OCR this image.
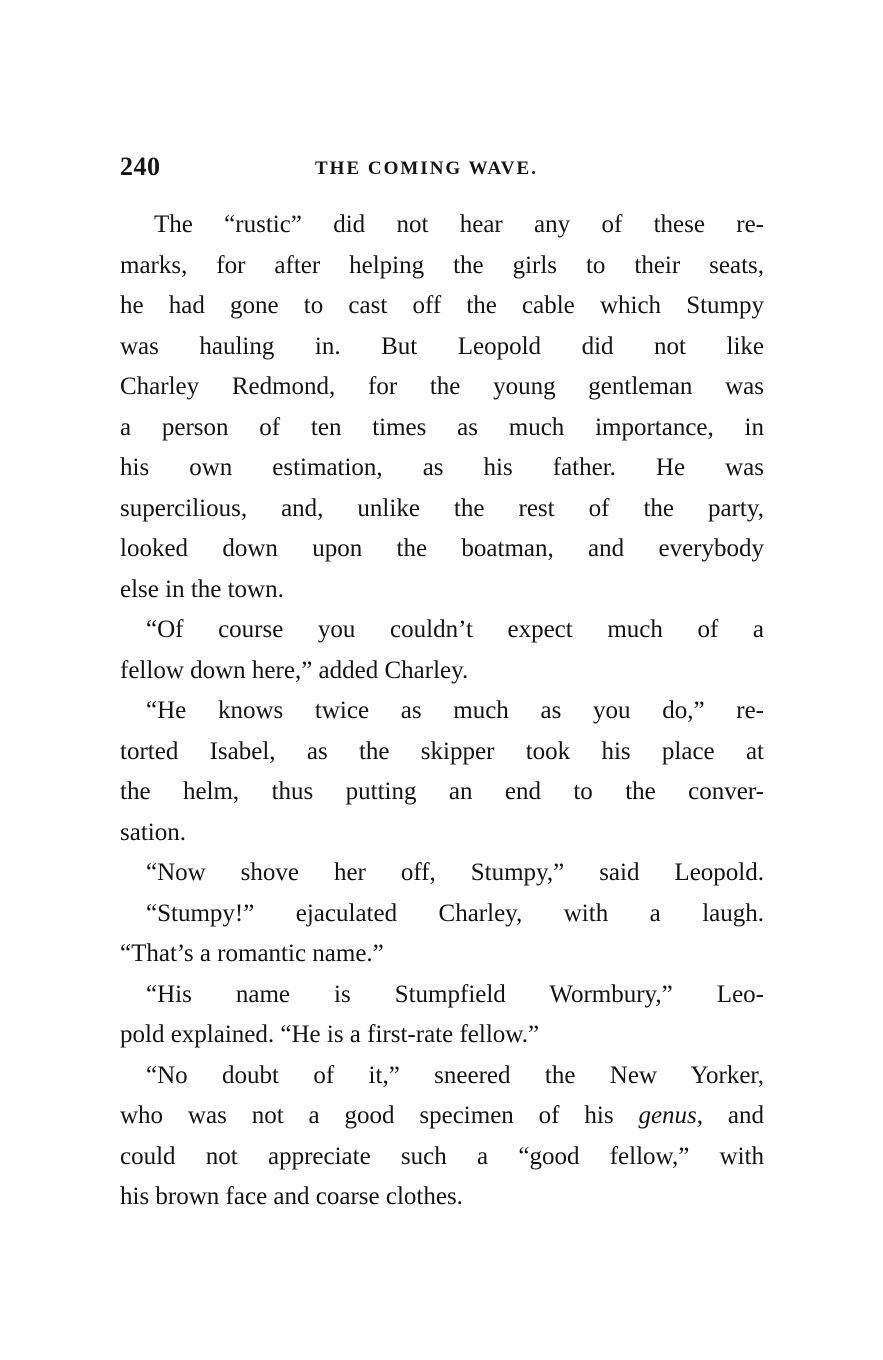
240	THE COMING WAVE.
The “rustic” did not hear any of these re-
marks, for after helping the girls to their seats,
he had gone to cast off the cable which Stumpy
was hauling in. But Leopold did not like
Charley Redmond, for the young gentleman was
a person of ten times as much importance, in
his own estimation, as his father. He was
supercilious, and, unlike the rest of the party,
looked down upon the boatman, and everybody
else in the town.
“Of course you couldn’t expect much of a
fellow down here,” added Charley.
“He knows twice as much as you do,” re-
torted Isabel, as the skipper took his place at
the helm, thus putting an end to the conver-
sation.
“Now shove her off, Stumpy,” said Leopold.
“Stumpy!” ejaculated Charley, with a laugh.
“That’s a romantic name.”
“His name is Stumpfield Wormbury,” Leo-
pold explained. “He is a first-rate fellow.”
“No doubt of it,” sneered the New Yorker,
who was not a good specimen of his genus, and
could not appreciate such a “good fellow,” with
his brown face and coarse clothes.
